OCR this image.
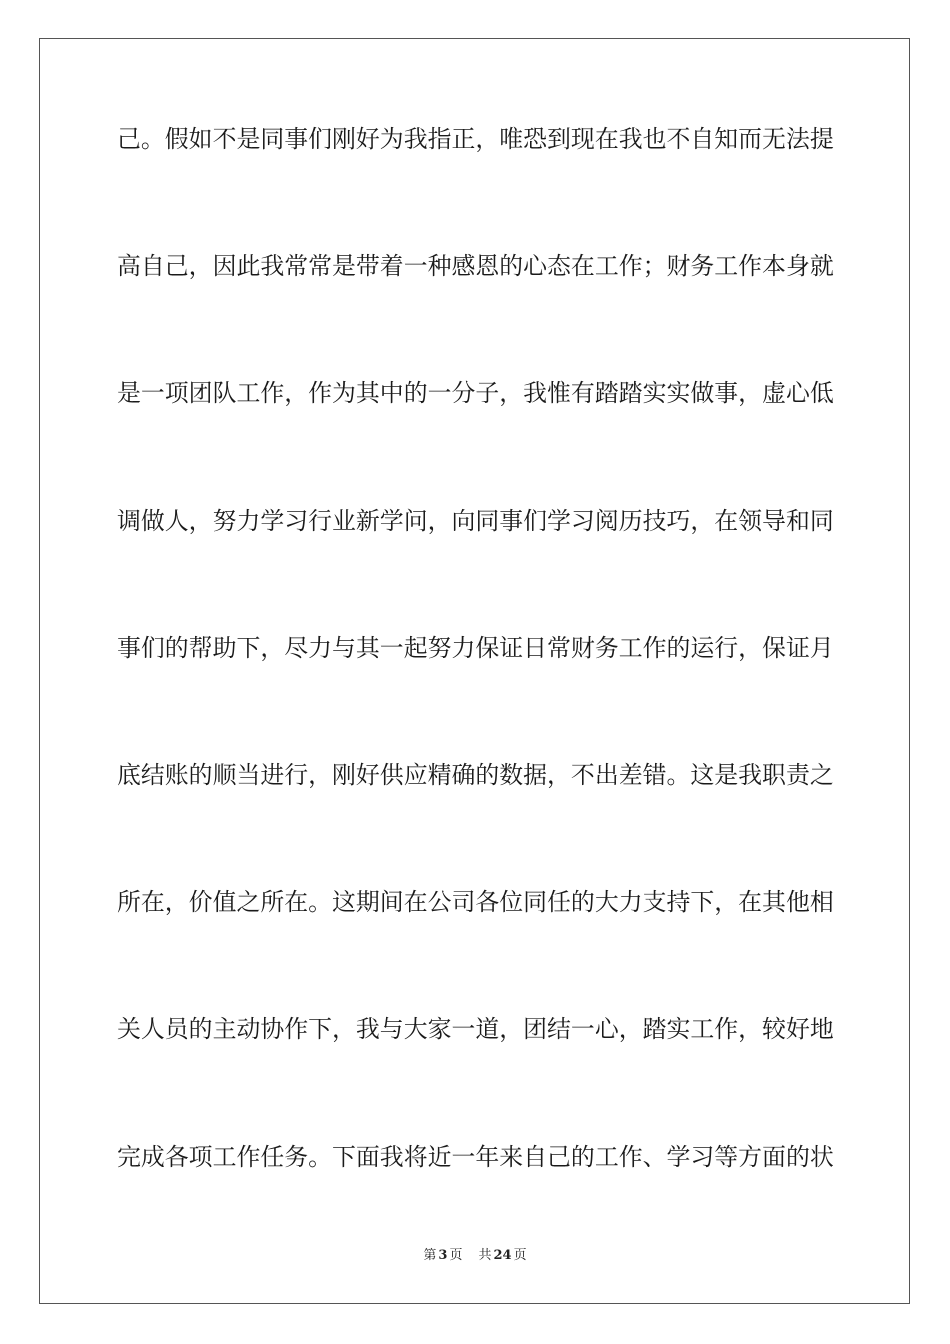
己。假如不是同事们刚好为我指正，唯恐到现在我也不自知而无法提
高自己，因此我常常是带着一种感恩的心态在工作；财务工作本身就
是一项团队工作，作为其中的一分子，我惟有踏踏实实做事，虚心低
调做人，努力学习行业新学问，向同事们学习阅历技巧，在领导和同
事们的帮助下，尽力与其一起努力保证日常财务工作的运行，保证月
底结账的顺当进行，刚好供应精确的数据，不出差错。这是我职责之
所在，价值之所在。这期间在公司各位同任的大力支持下，在其他相
关人员的主动协作下，我与大家一道，团结一心，踏实工作，较好地
完成各项工作任务。下面我将近一年来自己的工作、学习等方面的状
第 3 页 共 24 页
